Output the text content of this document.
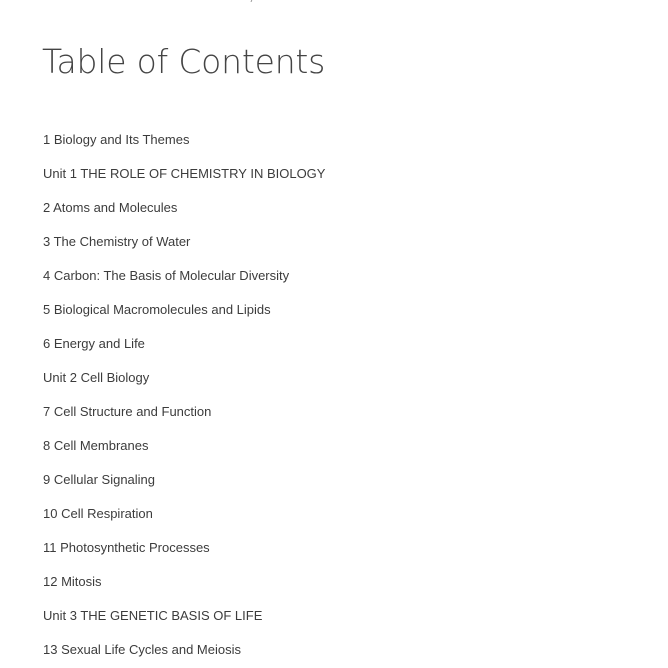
Table of Contents
1 Biology and Its Themes
Unit 1 THE ROLE OF CHEMISTRY IN BIOLOGY
2 Atoms and Molecules
3 The Chemistry of Water
4 Carbon: The Basis of Molecular Diversity
5 Biological Macromolecules and Lipids
6 Energy and Life
Unit 2 Cell Biology
7 Cell Structure and Function
8 Cell Membranes
9 Cellular Signaling
10 Cell Respiration
11 Photosynthetic Processes
12 Mitosis
Unit 3 THE GENETIC BASIS OF LIFE
13 Sexual Life Cycles and Meiosis
